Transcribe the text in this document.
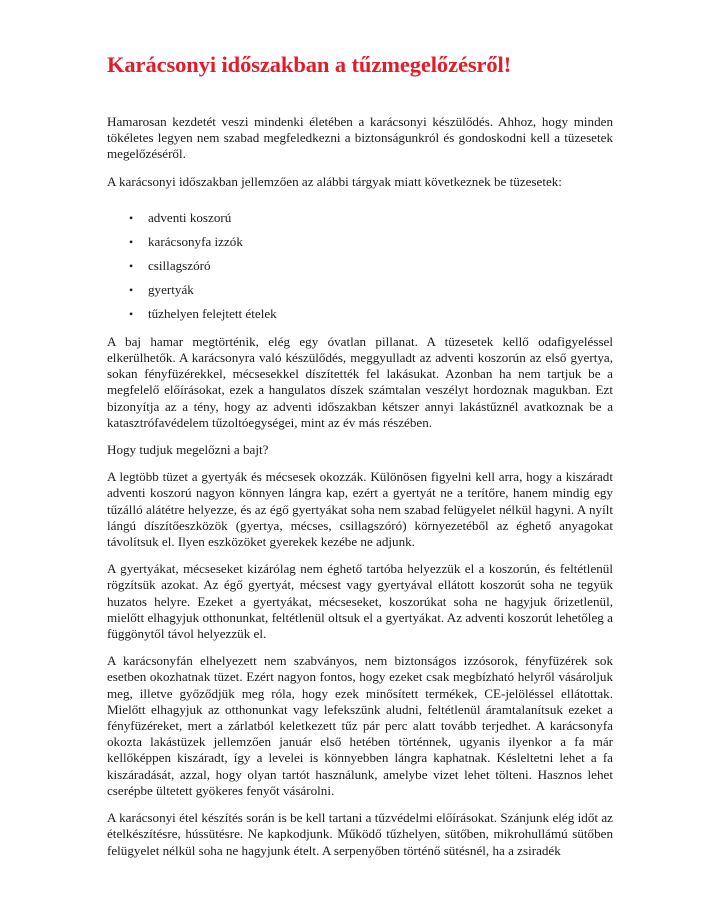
Karácsonyi időszakban a tűzmegelőzésről!

Hamarosan kezdetét veszi mindenki életében a karácsonyi készülődés. Ahhoz, hogy minden tökéletes legyen nem szabad megfeledkezni a biztonságunkról és gondoskodni kell a tüzesetek megelőzéséről.

A karácsonyi időszakban jellemzően az alábbi tárgyak miatt következnek be tüzesetek:

• adventi koszorú
• karácsonyfa izzók
• csillagszóró
• gyertyák
• tűzhelyen felejtett ételek

A baj hamar megtörténik, elég egy óvatlan pillanat. A tüzesetek kellő odafigyeléssel elkerülhetők. A karácsonyra való készülődés, meggyulladt az adventi koszorún az első gyertya, sokan fényfüzérekkel, mécsesekkel díszítették fel lakásukat. Azonban ha nem tartjuk be a megfelelő előírásokat, ezek a hangulatos díszek számtalan veszélyt hordoznak magukban. Ezt bizonyítja az a tény, hogy az adventi időszakban kétszer annyi lakástűznél avatkoznak be a katasztrófavédelem tűzoltóegységei, mint az év más részében.

Hogy tudjuk megelőzni a bajt?

A legtöbb tüzet a gyertyák és mécsesek okozzák. Különösen figyelni kell arra, hogy a kiszáradt adventi koszorú nagyon könnyen lángra kap, ezért a gyertyát ne a terítőre, hanem mindig egy tűzálló alátétre helyezze, és az égő gyertyákat soha nem szabad felügyelet nélkül hagyni. A nyílt lángú díszítőeszközök (gyertya, mécses, csillagszóró) környezetéből az éghető anyagokat távolítsuk el. Ilyen eszközöket gyerekek kezébe ne adjunk.

A gyertyákat, mécseseket kizárólag nem éghető tartóba helyezzük el a koszorún, és feltétlenül rögzítsük azokat. Az égő gyertyát, mécsest vagy gyertyával ellátott koszorút soha ne tegyük huzatos helyre. Ezeket a gyertyákat, mécseseket, koszorúkat soha ne hagyjuk őrizetlenül, mielőtt elhagyjuk otthonunkat, feltétlenül oltsuk el a gyertyákat. Az adventi koszorút lehetőleg a függönytől távol helyezzük el.

A karácsonyfán elhelyezett nem szabványos, nem biztonságos izzósorok, fényfüzérek sok esetben okozhatnak tüzet. Ezért nagyon fontos, hogy ezeket csak megbízható helyről vásároljuk meg, illetve győződjük meg róla, hogy ezek minősített termékek, CE-jelöléssel ellátottak. Mielőtt elhagyjuk az otthonunkat vagy lefekszünk aludni, feltétlenül áramtalanítsuk ezeket a fényfüzéreket, mert a zárlatból keletkezett tűz pár perc alatt tovább terjedhet. A karácsonyfa okozta lakástüzek jellemzően január első hetében történnek, ugyanis ilyenkor a fa már kellőképpen kiszáradt, így a levelei is könnyebben lángra kaphatnak. Késleltetni lehet a fa kiszáradását, azzal, hogy olyan tartót használunk, amelybe vizet lehet tölteni. Hasznos lehet cserépbe ültetett gyökeres fenyőt vásárolni.

A karácsonyi étel készítés során is be kell tartani a tűzvédelmi előírásokat. Szánjunk elég időt az ételkészítésre, hússütésre. Ne kapkodjunk. Működő tűzhelyen, sütőben, mikrohullámú sütőben felügyelet nélkül soha ne hagyjunk ételt. A serpenyőben történő sütésnél, ha a zsiradék
